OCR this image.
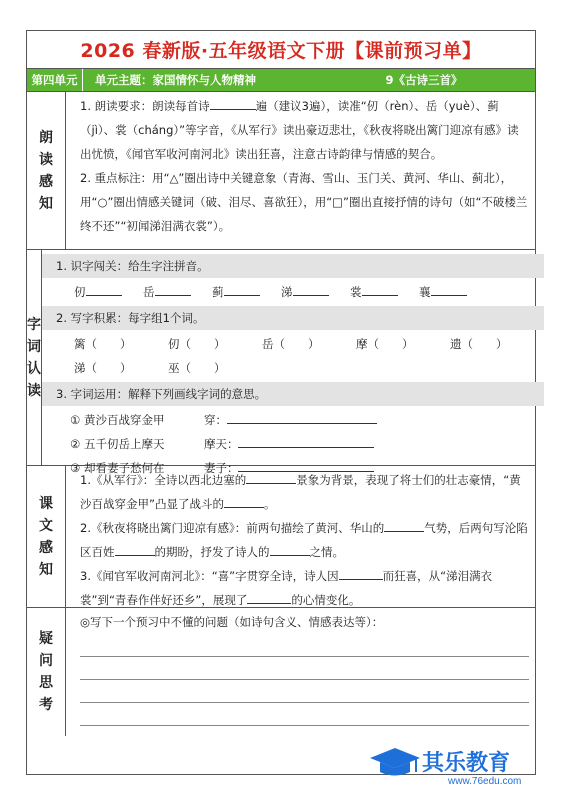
2026 春新版·五年级语文下册【课前预习单】
第四单元	单元主题：家国情怀与人物精神	9《古诗三首》
朗
读
感
知
1. 朗读要求：朗读每首诗	遍（建议3遍），读准“仞（rèn）、岳（yuè）、蓟（jì）、裳（cháng）”等字音，《从军行》读出豪迈悲壮，《秋夜将晓出篱门迎凉有感》读出忧愤，《闻官军收河南河北》读出狂喜，注意古诗韵律与情感的契合。
2. 重点标注：用“△”圈出诗中关键意象（青海、雪山、玉门关、黄河、华山、蓟北），用“○”圈出情感关键词（破、泪尽、喜欲狂），用“□”圈出直接抒情的诗句（如“不破楼兰终不还”“初闻涕泪满衣裳”）。
字
词
认
读
1. 识字闯关：给生字注拼音。
仞	岳	蓟	涕	裳	襄
2. 写字积累：每字组1个词。
篱（　　）	仞（　　）	岳（　　）	摩（　　）	遗（　　）
涕（　　）	巫（　　）
3. 字词运用：解释下列画线字词的意思。
① 黄沙百战穿金甲	穿：
② 五千仞岳上摩天	摩天：
③ 却看妻子愁何在	妻子：
课
文
感
知
1.《从军行》：全诗以西北边塞的	景象为背景，表现了将士们的壮志豪情，“黄沙百战穿金甲”凸显了战斗的	。
2.《秋夜将晓出篱门迎凉有感》：前两句描绘了黄河、华山的	气势，后两句写沦陷区百姓	的期盼，抒发了诗人的	之情。
3.《闻官军收河南河北》：“喜”字贯穿全诗，诗人因	而狂喜，从“涕泪满衣裳”到“青春作伴好还乡”，展现了	的心情变化。
疑
问
思
考
◎写下一个预习中不懂的问题（如诗句含义、情感表达等）：
其乐教育
www.76edu.com
